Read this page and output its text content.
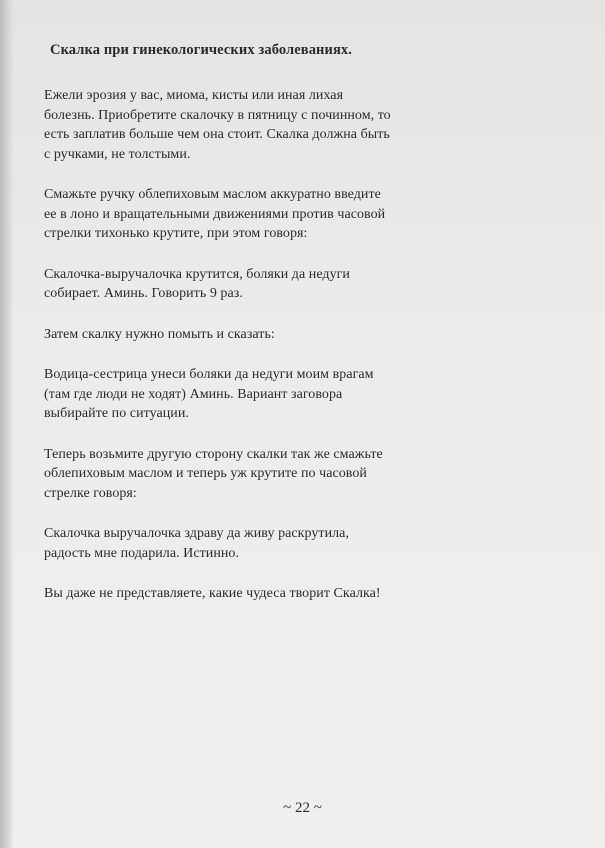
Скалка при гинекологических заболеваниях.
Ежели эрозия у вас, миома, кисты или иная лихая
болезнь. Приобретите скалочку в пятницу с починном, то
есть заплатив больше чем она стоит. Скалка должна быть
с ручками, не толстыми.
Смажьте ручку облепиховым маслом аккуратно введите
ее в лоно и вращательными движениями против часовой
стрелки тихонько крутите, при этом говоря:
Скалочка-выручалочка крутится, боляки да недуги
собирает. Аминь. Говорить 9 раз.
Затем скалку нужно помыть и сказать:
Водица-сестрица унеси боляки да недуги моим врагам
(там где люди не ходят) Аминь. Вариант заговора
выбирайте по ситуации.
Теперь возьмите другую сторону скалки так же смажьте
облепиховым маслом и теперь уж крутите по часовой
стрелке говоря:
Скалочка выручалочка здраву да живу раскрутила,
радость мне подарила. Истинно.
Вы даже не представляете, какие чудеса творит Скалка!
~ 22 ~
